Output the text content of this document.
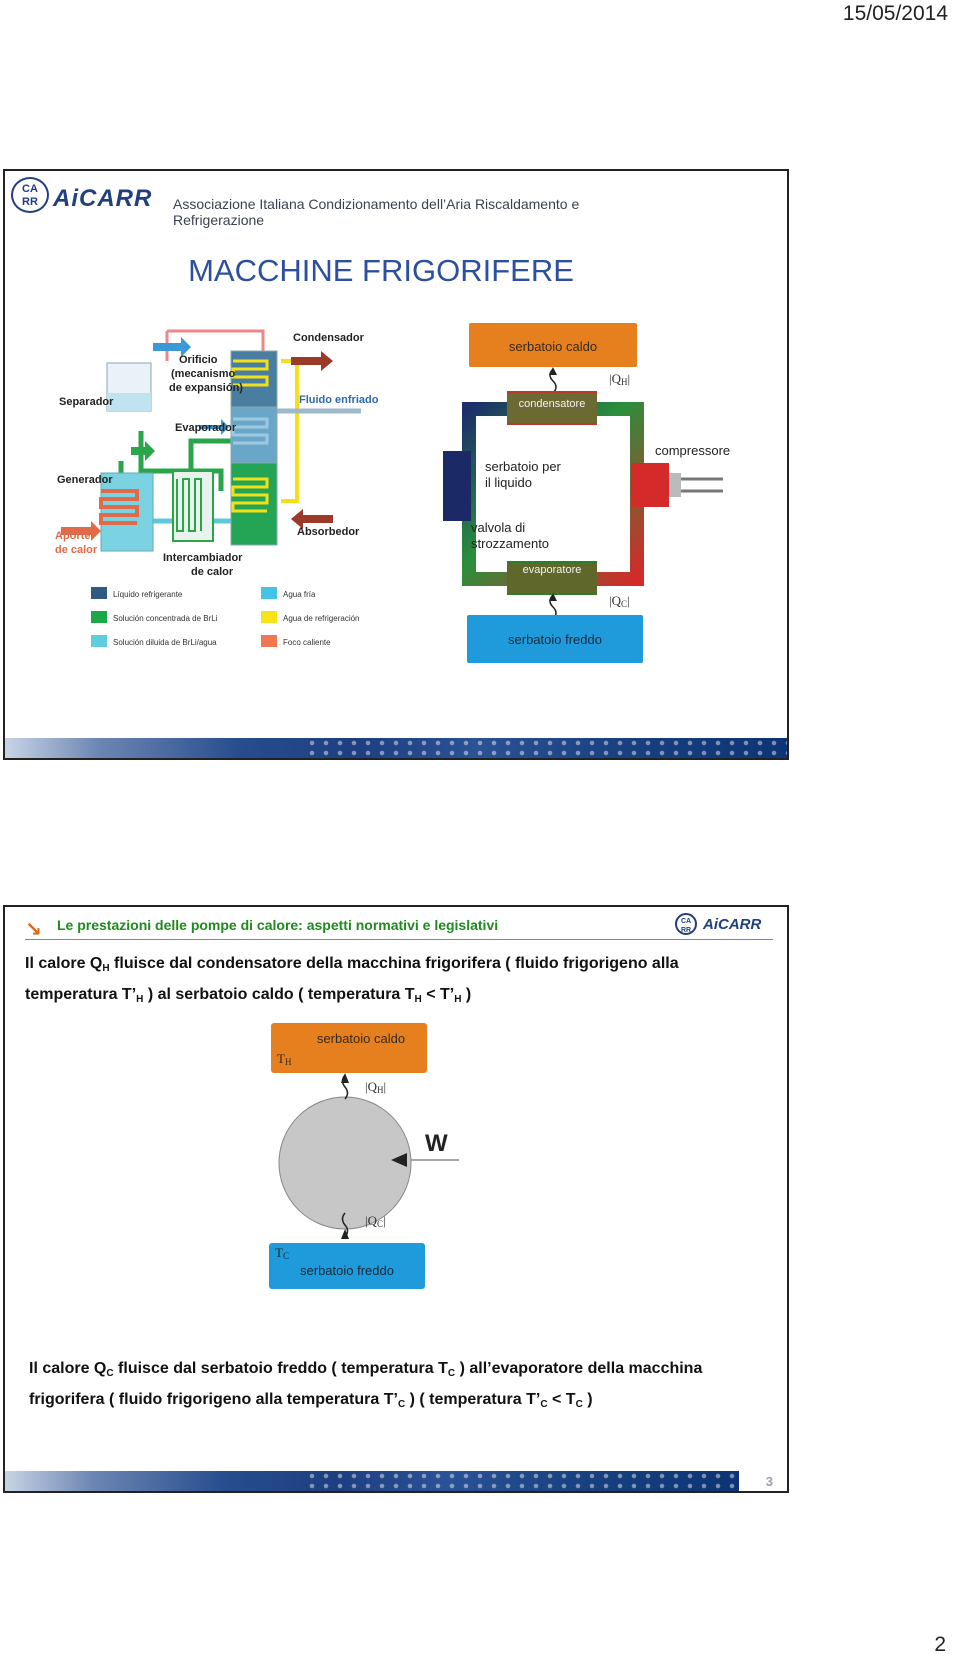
15/05/2014
CA RR AiCARR Associazione Italiana Condizionamento dell’Aria Riscaldamento e Refrigerazione
MACCHINE FRIGORIFERE
Separador
Orificio
(mecanismo
de expansión)
Condensador
Fluido enfriado
Evaporador
Generador
Absorbedor
Aporte
de calor
Intercambiador
de calor
Líquido refrigerante	Agua fría
Solución concentrada de BrLi	Agua de refrigeración
Solución diluida de BrLi/agua	Foco caliente
serbatoio caldo
|QH|
condensatore
evaporatore
compressore
serbatoio per
il liquido
valvola di
strozzamento
|QC|
serbatoio freddo
↘ Le prestazioni delle pompe di calore: aspetti normativi e legislativi	CA RR AiCARR
Il calore $Q_H$ fluisce dal condensatore della macchina frigorifera ( fluido frigorigeno alla temperatura $T’_H$ ) al serbatoio caldo ( temperatura $T_H$ < $T’_H$ )
serbatoio caldo
TH
|QH|
W
|QC|
TC
serbatoio freddo
Il calore $Q_C$ fluisce dal serbatoio freddo ( temperatura $T_C$ ) all’evaporatore della macchina frigorifera ( fluido frigorigeno alla temperatura $T’_C$ ) ( temperatura $T’_C < T_C$ )
3
2
